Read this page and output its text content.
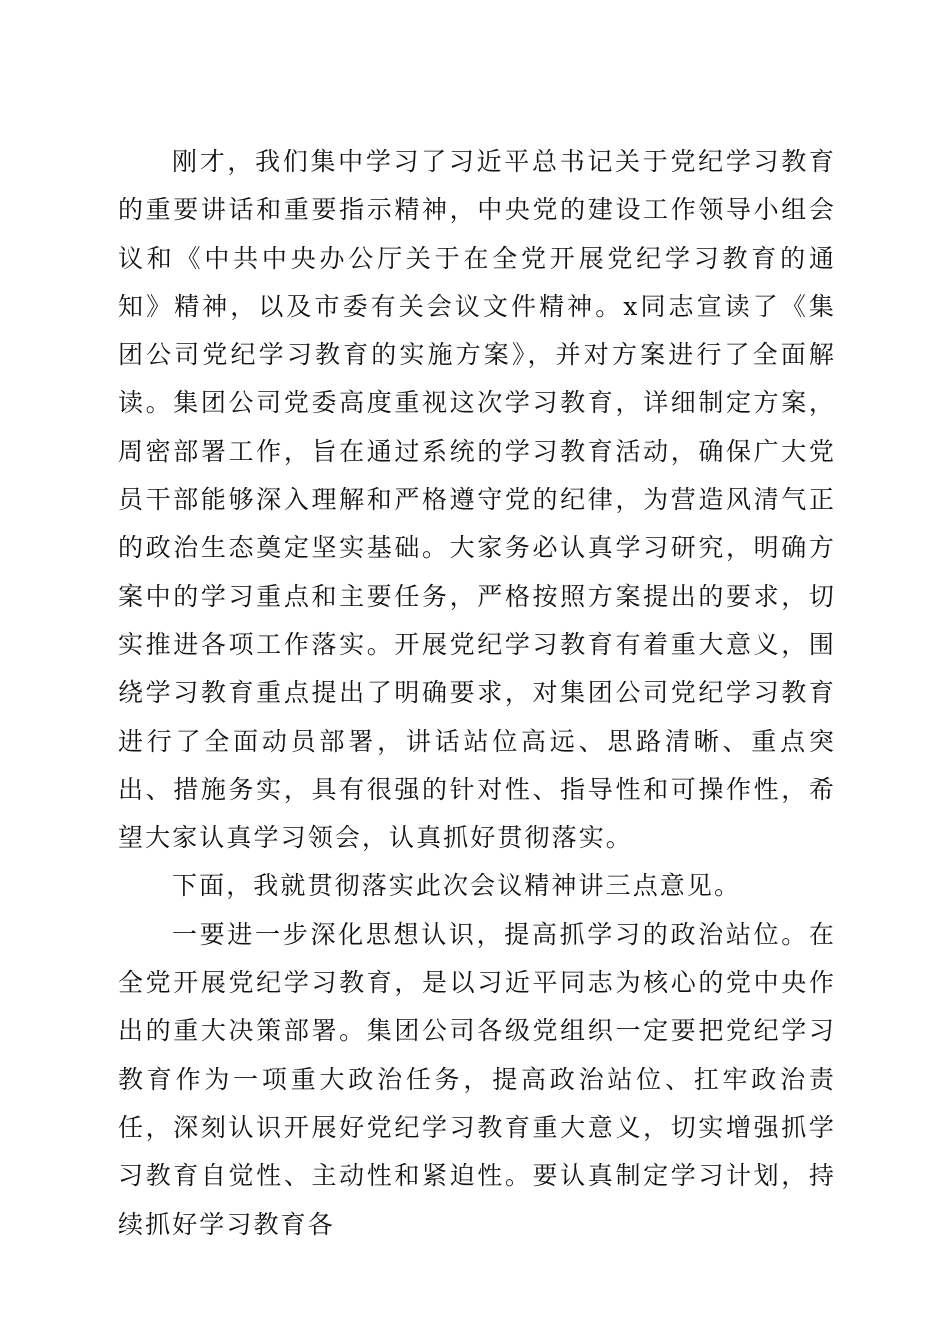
刚才，我们集中学习了习近平总书记关于党纪学习教育的重要讲话和重要指示精神，中央党的建设工作领导小组会议和《中共中央办公厅关于在全党开展党纪学习教育的通知》精神，以及市委有关会议文件精神。x同志宣读了《集团公司党纪学习教育的实施方案》，并对方案进行了全面解读。集团公司党委高度重视这次学习教育，详细制定方案，周密部署工作，旨在通过系统的学习教育活动，确保广大党员干部能够深入理解和严格遵守党的纪律，为营造风清气正的政治生态奠定坚实基础。大家务必认真学习研究，明确方案中的学习重点和主要任务，严格按照方案提出的要求，切实推进各项工作落实。开展党纪学习教育有着重大意义，围绕学习教育重点提出了明确要求，对集团公司党纪学习教育进行了全面动员部署，讲话站位高远、思路清晰、重点突出、措施务实，具有很强的针对性、指导性和可操作性，希望大家认真学习领会，认真抓好贯彻落实。

下面，我就贯彻落实此次会议精神讲三点意见。

一要进一步深化思想认识，提高抓学习的政治站位。在全党开展党纪学习教育，是以习近平同志为核心的党中央作出的重大决策部署。集团公司各级党组织一定要把党纪学习教育作为一项重大政治任务，提高政治站位、扛牢政治责任，深刻认识开展好党纪学习教育重大意义，切实增强抓学习教育自觉性、主动性和紧迫性。要认真制定学习计划，持续抓好学习教育各
